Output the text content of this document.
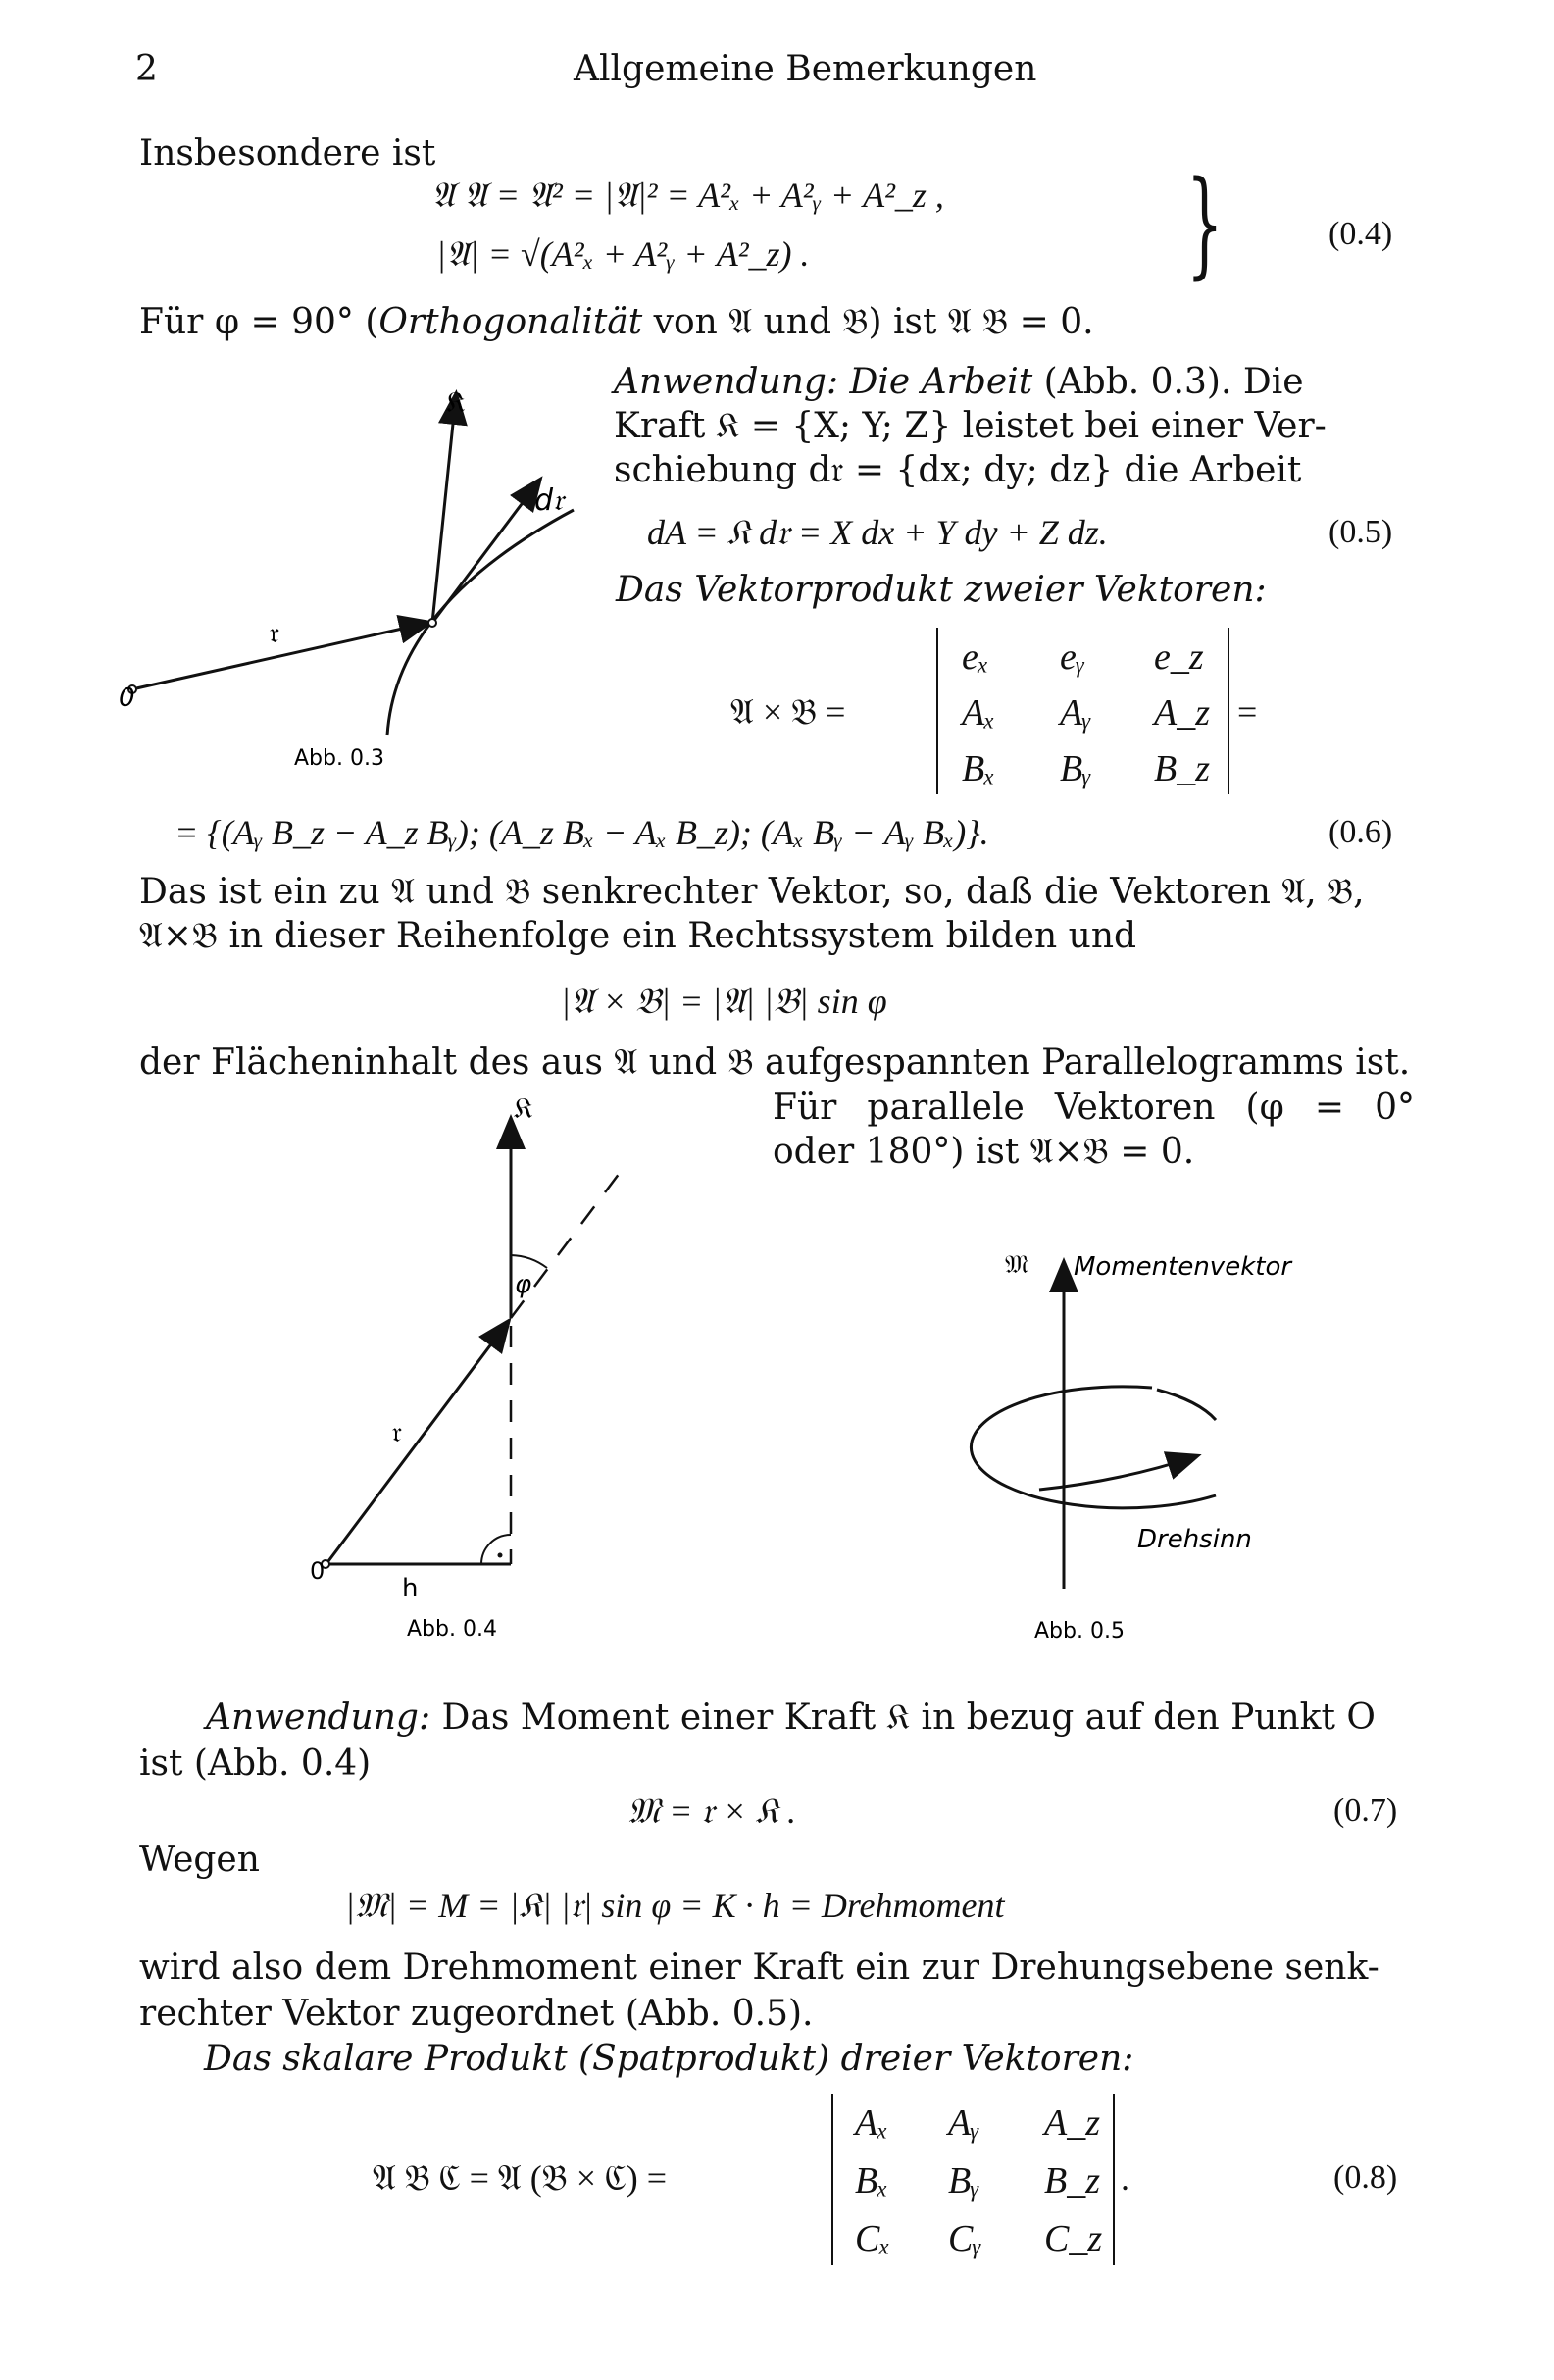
2	Allgemeine Bemerkungen
Insbesondere ist
𝔄 𝔄 = 𝔄² = |𝔄|² = A²ₓ + A²ᵧ + A²_z ,
|𝔄| = √(A²ₓ + A²ᵧ + A²_z) .	}	(0.4)
Für φ = 90° (Orthogonalität von 𝔄 und 𝔅) ist 𝔄 𝔅 = 0.
𝔎
d𝔯
𝔯
0
Abb. 0.3
Anwendung: Die Arbeit (Abb. 0.3). Die
Kraft 𝔎 = {X; Y; Z} leistet bei einer Ver-
schiebung d𝔯 = {dx; dy; dz} die Arbeit
dA = 𝔎 d𝔯 = X dx + Y dy + Z dz.	(0.5)
Das Vektorprodukt zweier Vektoren:
𝔄 × 𝔅 =
eₓ eᵧ e_z
Aₓ Aᵧ A_z
Bₓ Bᵧ B_z
=
= {(Aᵧ B_z − A_z Bᵧ); (A_z Bₓ − Aₓ B_z); (Aₓ Bᵧ − Aᵧ Bₓ)}.	(0.6)
Das ist ein zu 𝔄 und 𝔅 senkrechter Vektor, so, daß die Vektoren 𝔄, 𝔅,
𝔄×𝔅 in dieser Reihenfolge ein Rechtssystem bilden und
|𝔄 × 𝔅| = |𝔄| |𝔅| sin φ
der Flächeninhalt des aus 𝔄 und 𝔅 aufgespannten Parallelogramms ist.
Für parallele Vektoren (φ = 0°
oder 180°) ist 𝔄×𝔅 = 0.
𝔎
φ
𝔯
h
0
Abb. 0.4
𝔐 Momentenvektor
Drehsinn
Abb. 0.5
Anwendung: Das Moment einer Kraft 𝔎 in bezug auf den Punkt O
ist (Abb. 0.4)
𝔐 = 𝔯 × 𝔎 .	(0.7)
Wegen
|𝔐| = M = |𝔎| |𝔯| sin φ = K · h = Drehmoment
wird also dem Drehmoment einer Kraft ein zur Drehungsebene senk-
rechter Vektor zugeordnet (Abb. 0.5).
Das skalare Produkt (Spatprodukt) dreier Vektoren:
𝔄 𝔅 ℭ = 𝔄 (𝔅 × ℭ) =
Aₓ Aᵧ A_z
Bₓ Bᵧ B_z
Cₓ Cᵧ C_z
.	(0.8)
